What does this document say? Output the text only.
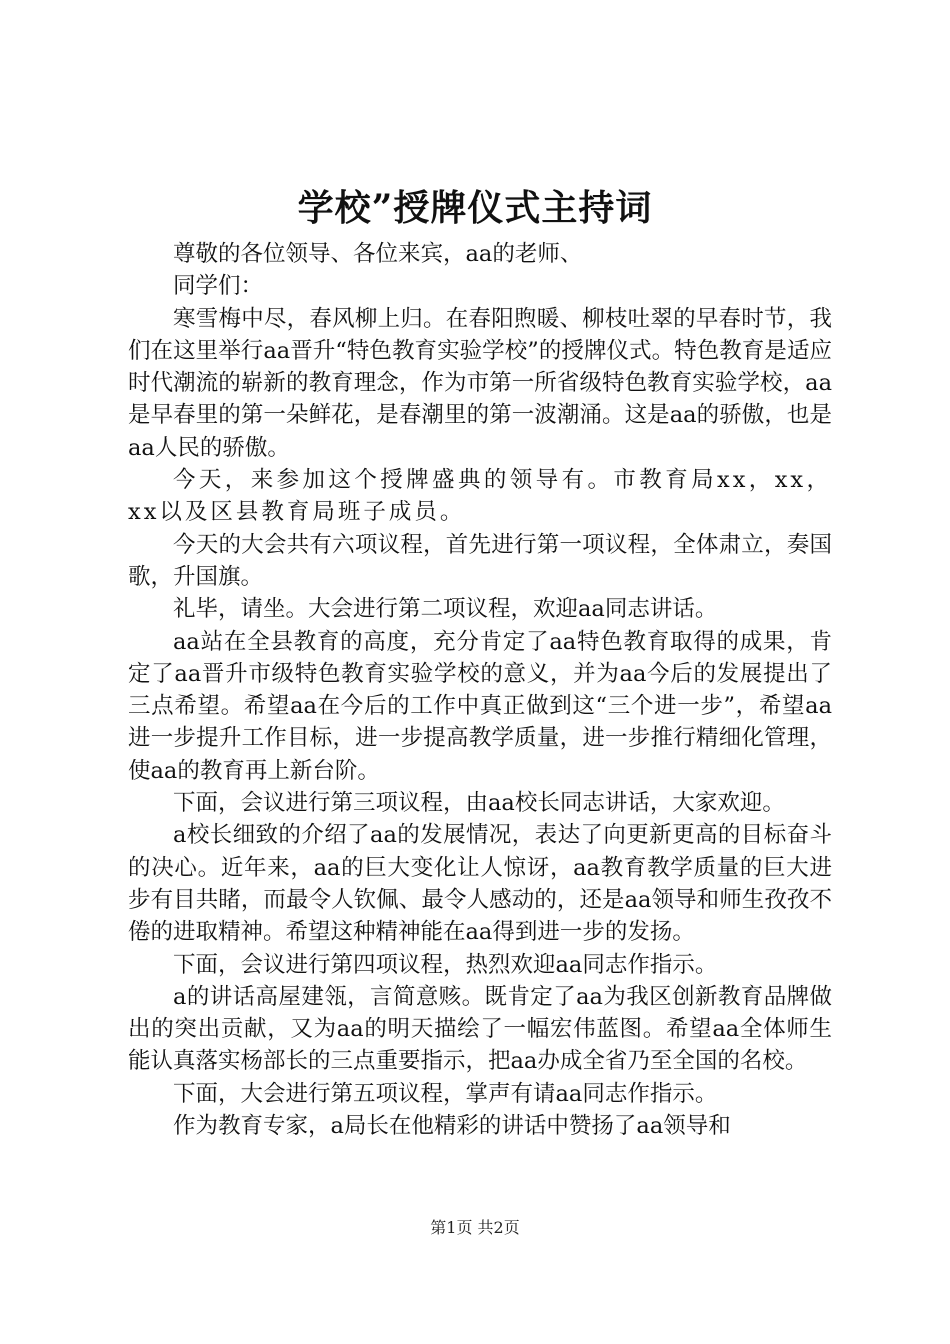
学校”授牌仪式主持词

尊敬的各位领导、各位来宾，aa的老师、

同学们：

寒雪梅中尽，春风柳上归。在春阳煦暖、柳枝吐翠的早春时节，我们在这里举行aa晋升“特色教育实验学校”的授牌仪式。特色教育是适应时代潮流的崭新的教育理念，作为市第一所省级特色教育实验学校，aa是早春里的第一朵鲜花，是春潮里的第一波潮涌。这是aa的骄傲，也是aa人民的骄傲。

今天，来参加这个授牌盛典的领导有。市教育局xx，xx，xx以及区县教育局班子成员。

今天的大会共有六项议程，首先进行第一项议程，全体肃立，奏国歌，升国旗。

礼毕，请坐。大会进行第二项议程，欢迎aa同志讲话。

aa站在全县教育的高度，充分肯定了aa特色教育取得的成果，肯定了aa晋升市级特色教育实验学校的意义，并为aa今后的发展提出了三点希望。希望aa在今后的工作中真正做到这“三个进一步”，希望aa进一步提升工作目标，进一步提高教学质量，进一步推行精细化管理，使aa的教育再上新台阶。

下面，会议进行第三项议程，由aa校长同志讲话，大家欢迎。

a校长细致的介绍了aa的发展情况，表达了向更新更高的目标奋斗的决心。近年来，aa的巨大变化让人惊讶，aa教育教学质量的巨大进步有目共睹，而最令人钦佩、最令人感动的，还是aa领导和师生孜孜不倦的进取精神。希望这种精神能在aa得到进一步的发扬。

下面，会议进行第四项议程，热烈欢迎aa同志作指示。

a的讲话高屋建瓴，言简意赅。既肯定了aa为我区创新教育品牌做出的突出贡献，又为aa的明天描绘了一幅宏伟蓝图。希望aa全体师生能认真落实杨部长的三点重要指示，把aa办成全省乃至全国的名校。

下面，大会进行第五项议程，掌声有请aa同志作指示。

作为教育专家，a局长在他精彩的讲话中赞扬了aa领导和

第1页 共2页
